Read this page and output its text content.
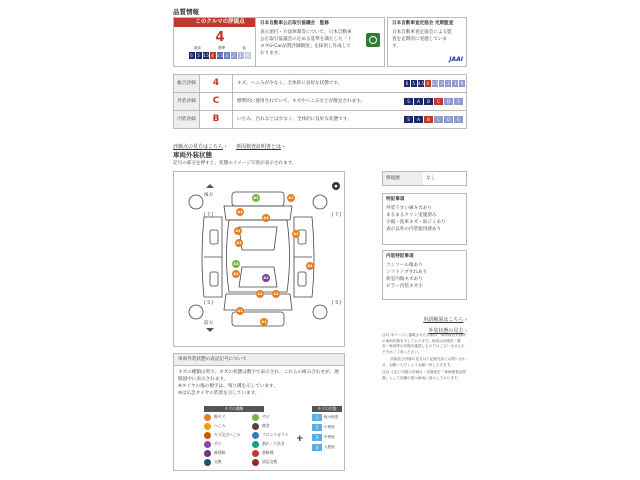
品質情報
このクルマの評価点
4
最高	標準	低
6	5 4.5 4 3.5 3	2	1	R
日本自動車公正取引協議会　監修
表示項目・方法体制等について、日本自動車公正取引協議会の定める基準を満たした「トヨタU-Car品質評価制度」を採用し作成しております。
日本自動車査定協会 定期監査
日本自動車査定協会による監査を定期的に実施しています。
JAAI
総合評価	4	キズ、へこみが少なく、全体的に良好な状態です。	6	5 4.5 4 3.5 3	2	1	R
外装評価	C	標準的に使用されていて、キズやへこみなどが散見されます。	S	A	B	C	D	E
内装評価	B	いたみ、汚れなどは少なく、全体的に良好な状態です。	S	A	B	C	D	E
評価点の見方はこちら › 車両検査証明書とは ›
車両外装状態
記号の部分を押すと、状態のイメージ写真が表示されます。
後方
前方
[ 7 ]	[ 7 ]
[ 5 ]	[ 5 ]
A1	A1
●
A1
A1
A1
A1
A1
A1
A1
A1
A1
A1	A1
A1
A1
修復歴	なし
特記事項
外装うすい線キズあり
まるまるクリン実施済み
小傷・洗車キズ・雨ジミあり
表示以外の内装使用感あり
内装特記事項
コンソール傷あり
シフトノブすれあり
荷室内傷キズあり
ピラー内装キズ小
用語解説はこちら ›
外装状態の見方 ›
注1) 本ページに掲載された評価は、車両検査実施時の車両状態を示しております。検査は冷暖房・騒音・車両等の状態を確認しものではございませんので予めご了承ください。
　　 詳細及び評価の見方は下記販売店にお問い合わせ、記載いただくようお願い申し上げます。
注2) 上記と同様の評価点・状態表を『車両検査証明書』として店舗の展示車両に表示しております。
車両外装状態の表記記号について
キズの種類は英字、キズの状態は数字で表示され、これらの組み合わせが、展開図中に表示されます。
※タイヤの傷の数字は、残り溝を示しています。
※は広急タイヤの装着を示しています。
キズの種類
線キズ
へこみ
キズ及びへこみ
サビ
修理跡
交換
サビ
腐食
フロントガラス
割れ・穴あき
要修理
部品交換
+
キズの状態
1	極小程度
2	小程度
3	中程度
4	大程度
